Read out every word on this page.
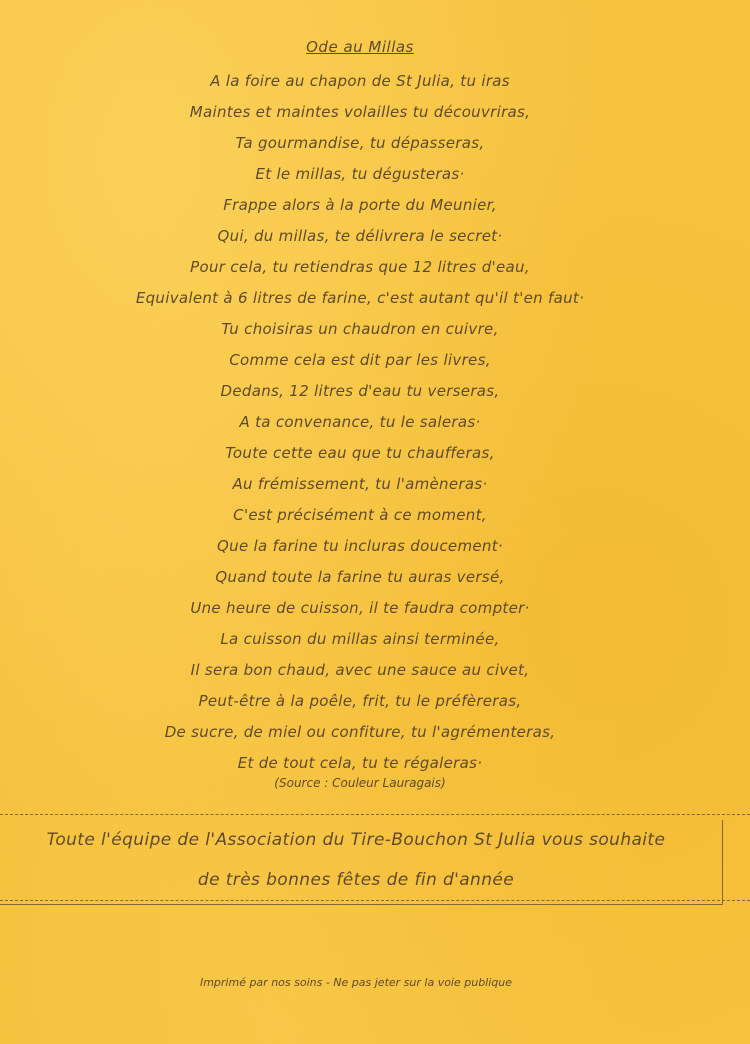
Ode au Millas
A la foire au chapon de St Julia, tu iras
Maintes et maintes volailles tu découvriras,
Ta gourmandise, tu dépasseras,
Et le millas, tu dégusteras·
Frappe alors à la porte du Meunier,
Qui, du millas, te délivrera le secret·
Pour cela, tu retiendras que 12 litres d'eau,
Equivalent à 6 litres de farine, c'est autant qu'il t'en faut·
Tu choisiras un chaudron en cuivre,
Comme cela est dit par les livres,
Dedans, 12 litres d'eau tu verseras,
A ta convenance, tu le saleras·
Toute cette eau que tu chaufferas,
Au frémissement, tu l'amèneras·
C'est précisément à ce moment,
Que la farine tu incluras doucement·
Quand toute la farine tu auras versé,
Une heure de cuisson, il te faudra compter·
La cuisson du millas ainsi terminée,
Il sera bon chaud, avec une sauce au civet,
Peut-être à la poêle, frit, tu le préfèreras,
De sucre, de miel ou confiture, tu l'agrémenteras,
Et de tout cela, tu te régaleras·
(Source : Couleur Lauragais)
Toute l'équipe de l'Association du Tire-Bouchon St Julia vous souhaite
de très bonnes fêtes de fin d'année
Imprimé par nos soins - Ne pas jeter sur la voie publique
